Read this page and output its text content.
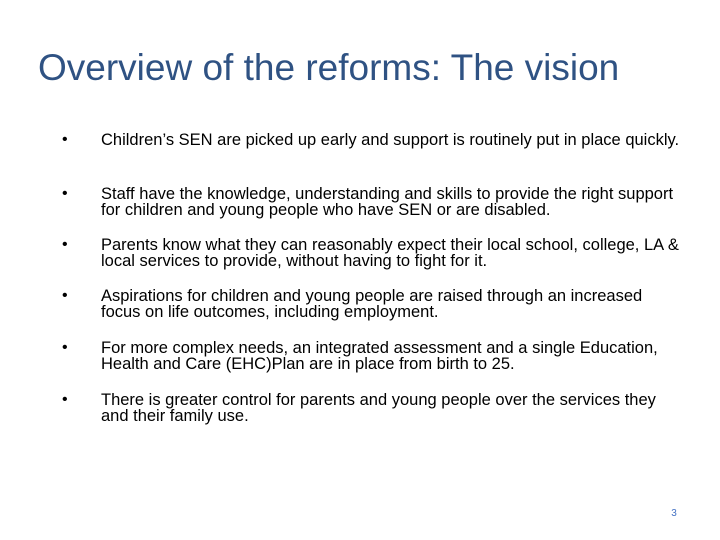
Overview of the reforms: The vision
• Children’s SEN are picked up early and support is routinely put in place quickly.
• Staff have the knowledge, understanding and skills to provide the right support for children and young people who have SEN or are disabled.
• Parents know what they can reasonably expect their local school, college, LA & local services to provide, without having to fight for it.
• Aspirations for children and young people are raised through an increased focus on life outcomes, including employment.
• For more complex needs, an integrated assessment and a single Education, Health and Care (EHC)Plan are in place from birth to 25.
• There is greater control for parents and young people over the services they and their family use.
3
